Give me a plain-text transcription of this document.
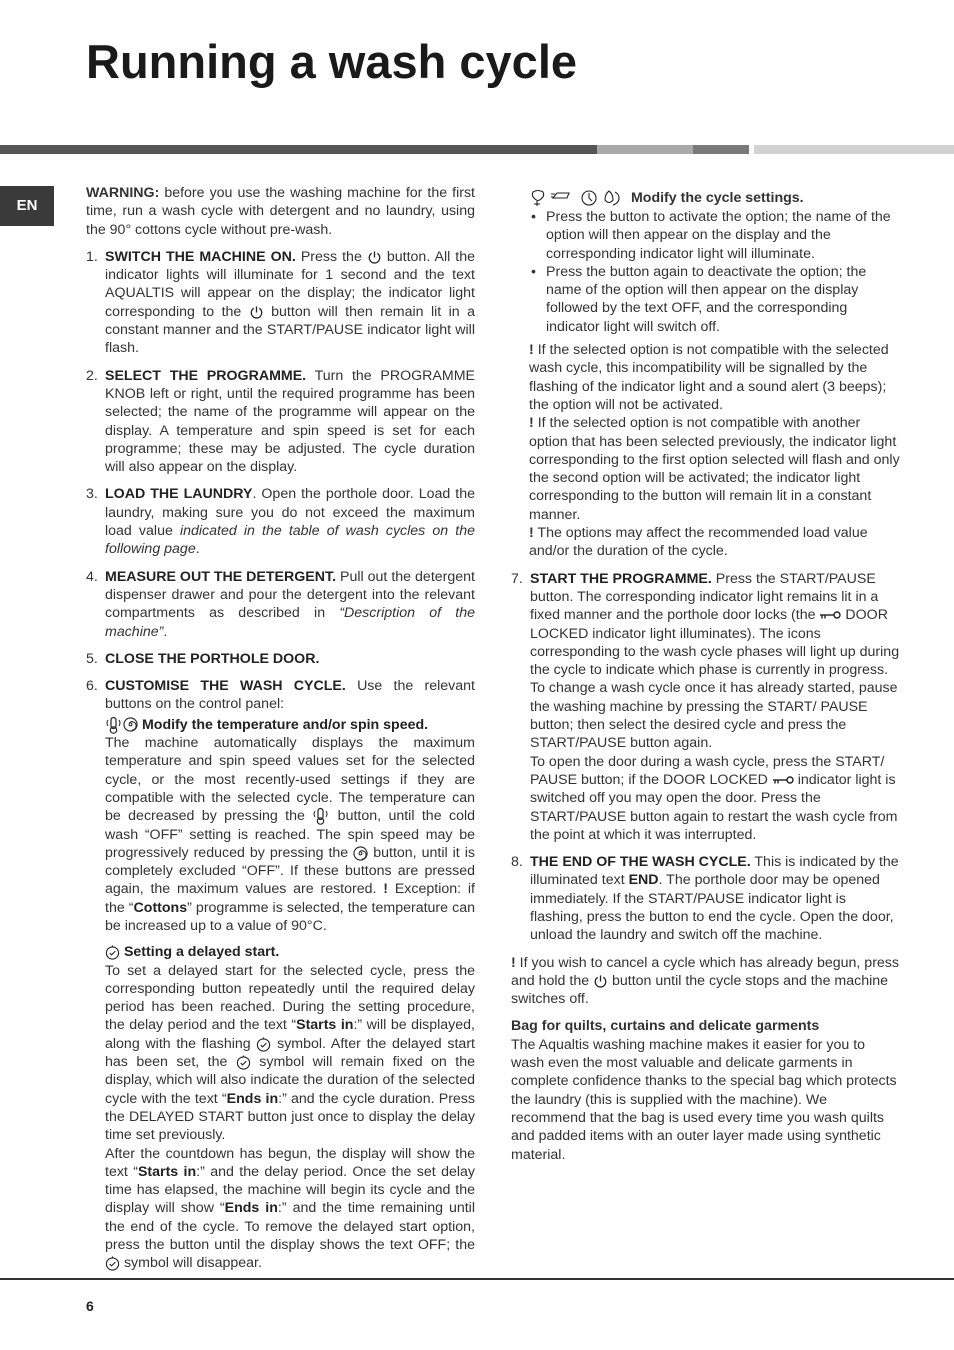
Running a wash cycle
EN

WARNING: before you use the washing machine for the first time, run a wash cycle with detergent and no laundry, using the 90° cottons cycle without pre-wash.

1. SWITCH THE MACHINE ON. Press the  button. All the indicator lights will illuminate for 1 second and the text AQUALTIS will appear on the display; the indicator light corresponding to the  button will then remain lit in a constant manner and the START/PAUSE indicator light will flash.
2. SELECT THE PROGRAMME. Turn the PROGRAMME KNOB left or right, until the required programme has been selected; the name of the programme will appear on the display. A temperature and spin speed is set for each programme; these may be adjusted. The cycle duration will also appear on the display.
3. LOAD THE LAUNDRY. Open the porthole door. Load the laundry, making sure you do not exceed the maximum load value indicated in the table of wash cycles on the following page.
4. MEASURE OUT THE DETERGENT. Pull out the detergent dispenser drawer and pour the detergent into the relevant compartments as described in “Description of the machine”.
5. CLOSE THE PORTHOLE DOOR.
6. CUSTOMISE THE WASH CYCLE. Use the relevant buttons on the control panel:
Modify the temperature and/or spin speed.

The machine automatically displays the maximum temperature and spin speed values set for the selected cycle, or the most recently-used settings if they are compatible with the selected cycle. The temperature can be decreased by pressing the  button, until the cold wash “OFF” setting is reached. The spin speed may be progressively reduced by pressing the  button, until it is completely excluded “OFF”. If these buttons are pressed again, the maximum values are restored. ! Exception: if the “Cottons” programme is selected, the temperature can be increased up to a value of 90°C.

Setting a delayed start.

To set a delayed start for the selected cycle, press the corresponding button repeatedly until the required delay period has been reached. During the setting procedure, the delay period and the text “Starts in:” will be displayed, along with the flashing  symbol. After the delayed start has been set, the  symbol will remain fixed on the display, which will also indicate the duration of the selected cycle with the text “Ends in:” and the cycle duration. Press the DELAYED START button just once to display the delay time set previously.

After the countdown has begun, the display will show the text “Starts in:” and the delay period. Once the set delay time has elapsed, the machine will begin its cycle and the display will show “Ends in:” and the time remaining until the end of the cycle. To remove the delayed start option, press the button until the display shows the text OFF; the  symbol will disappear.

Modify the cycle settings.
• Press the button to activate the option; the name of the option will then appear on the display and the corresponding indicator light will illuminate.
• Press the button again to deactivate the option; the name of the option will then appear on the display followed by the text OFF, and the corresponding indicator light will switch off.

! If the selected option is not compatible with the selected wash cycle, this incompatibility will be signalled by the flashing of the indicator light and a sound alert (3 beeps); the option will not be activated.

! If the selected option is not compatible with another option that has been selected previously, the indicator light corresponding to the first option selected will flash and only the second option will be activated; the indicator light corresponding to the button will remain lit in a constant manner.

! The options may affect the recommended load value and/or the duration of the cycle.

7. START THE PROGRAMME. Press the START/PAUSE button. The corresponding indicator light remains lit in a fixed manner and the porthole door locks (the  DOOR LOCKED indicator light illuminates). The icons corresponding to the wash cycle phases will light up during the cycle to indicate which phase is currently in progress.

To change a wash cycle once it has already started, pause the washing machine by pressing the START/ PAUSE button; then select the desired cycle and press the START/PAUSE button again.

To open the door during a wash cycle, press the START/ PAUSE button; if the DOOR LOCKED  indicator light is switched off you may open the door. Press the START/PAUSE button again to restart the wash cycle from the point at which it was interrupted.

8. THE END OF THE WASH CYCLE. This is indicated by the illuminated text END. The porthole door may be opened immediately. If the START/PAUSE indicator light is flashing, press the button to end the cycle. Open the door, unload the laundry and switch off the machine.

! If you wish to cancel a cycle which has already begun, press and hold the  button until the cycle stops and the machine switches off.

Bag for quilts, curtains and delicate garments

The Aqualtis washing machine makes it easier for you to wash even the most valuable and delicate garments in complete confidence thanks to the special bag which protects the laundry (this is supplied with the machine). We recommend that the bag is used every time you wash quilts and padded items with an outer layer made using synthetic material.

6
